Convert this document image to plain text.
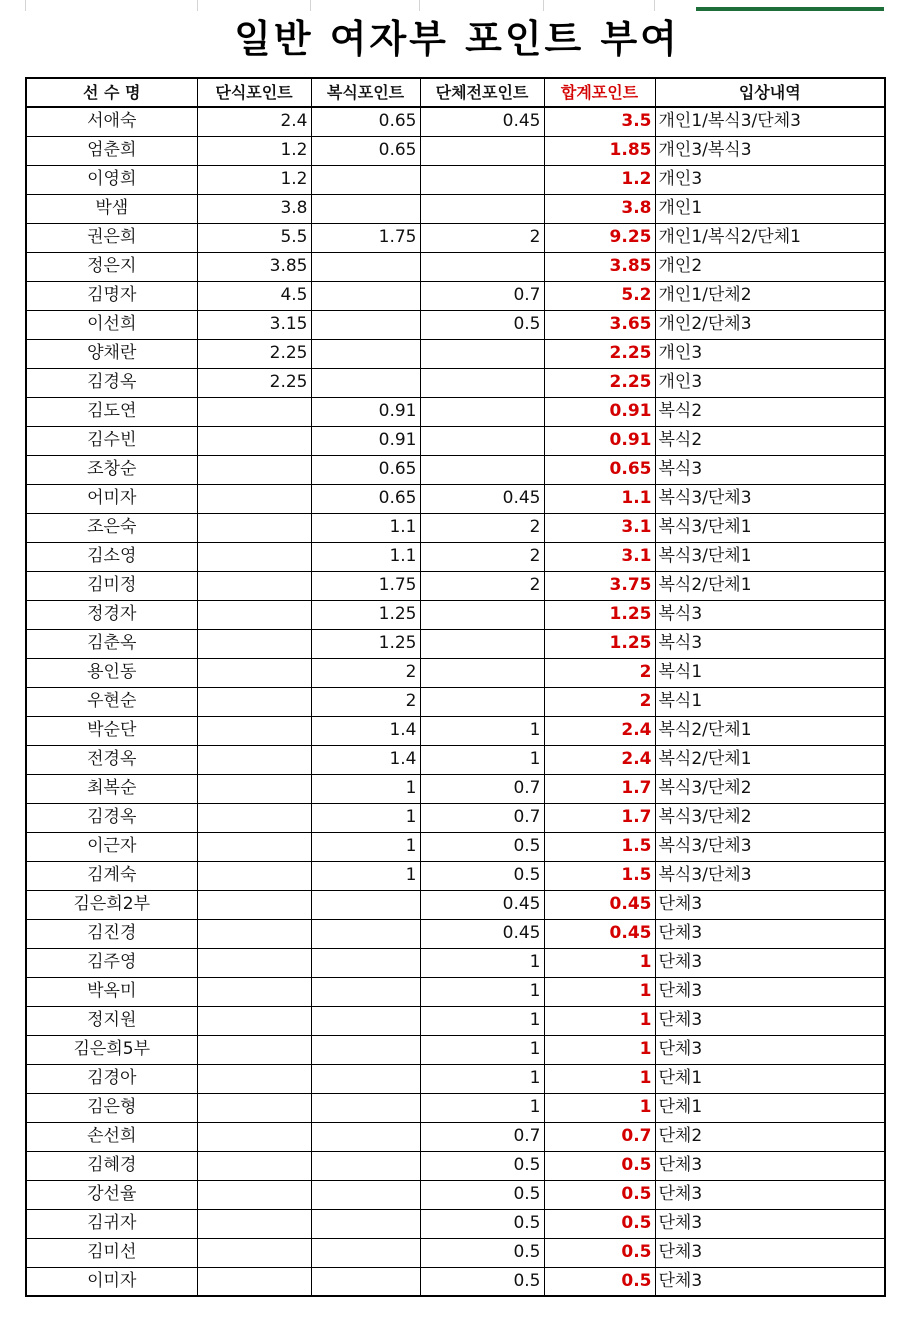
일반 여자부 포인트 부여
선 수 명	단식포인트	복식포인트	단체전포인트	합계포인트	입상내역
서애숙	2.4	0.65	0.45	3.5	개인1/복식3/단체3
엄춘희	1.2	0.65		1.85	개인3/복식3
이영희	1.2			1.2	개인3
박샘	3.8			3.8	개인1
권은희	5.5	1.75	2	9.25	개인1/복식2/단체1
정은지	3.85			3.85	개인2
김명자	4.5		0.7	5.2	개인1/단체2
이선희	3.15		0.5	3.65	개인2/단체3
양채란	2.25			2.25	개인3
김경옥	2.25			2.25	개인3
김도연		0.91		0.91	복식2
김수빈		0.91		0.91	복식2
조창순		0.65		0.65	복식3
어미자		0.65	0.45	1.1	복식3/단체3
조은숙		1.1	2	3.1	복식3/단체1
김소영		1.1	2	3.1	복식3/단체1
김미정		1.75	2	3.75	복식2/단체1
정경자		1.25		1.25	복식3
김춘옥		1.25		1.25	복식3
용인동		2		2	복식1
우현순		2		2	복식1
박순단		1.4	1	2.4	복식2/단체1
전경옥		1.4	1	2.4	복식2/단체1
최복순		1	0.7	1.7	복식3/단체2
김경옥		1	0.7	1.7	복식3/단체2
이근자		1	0.5	1.5	복식3/단체3
김계숙		1	0.5	1.5	복식3/단체3
김은희2부			0.45	0.45	단체3
김진경			0.45	0.45	단체3
김주영			1	1	단체3
박옥미			1	1	단체3
정지원			1	1	단체3
김은희5부			1	1	단체3
김경아			1	1	단체1
김은형			1	1	단체1
손선희			0.7	0.7	단체2
김혜경			0.5	0.5	단체3
강선율			0.5	0.5	단체3
김귀자			0.5	0.5	단체3
김미선			0.5	0.5	단체3
이미자			0.5	0.5	단체3
